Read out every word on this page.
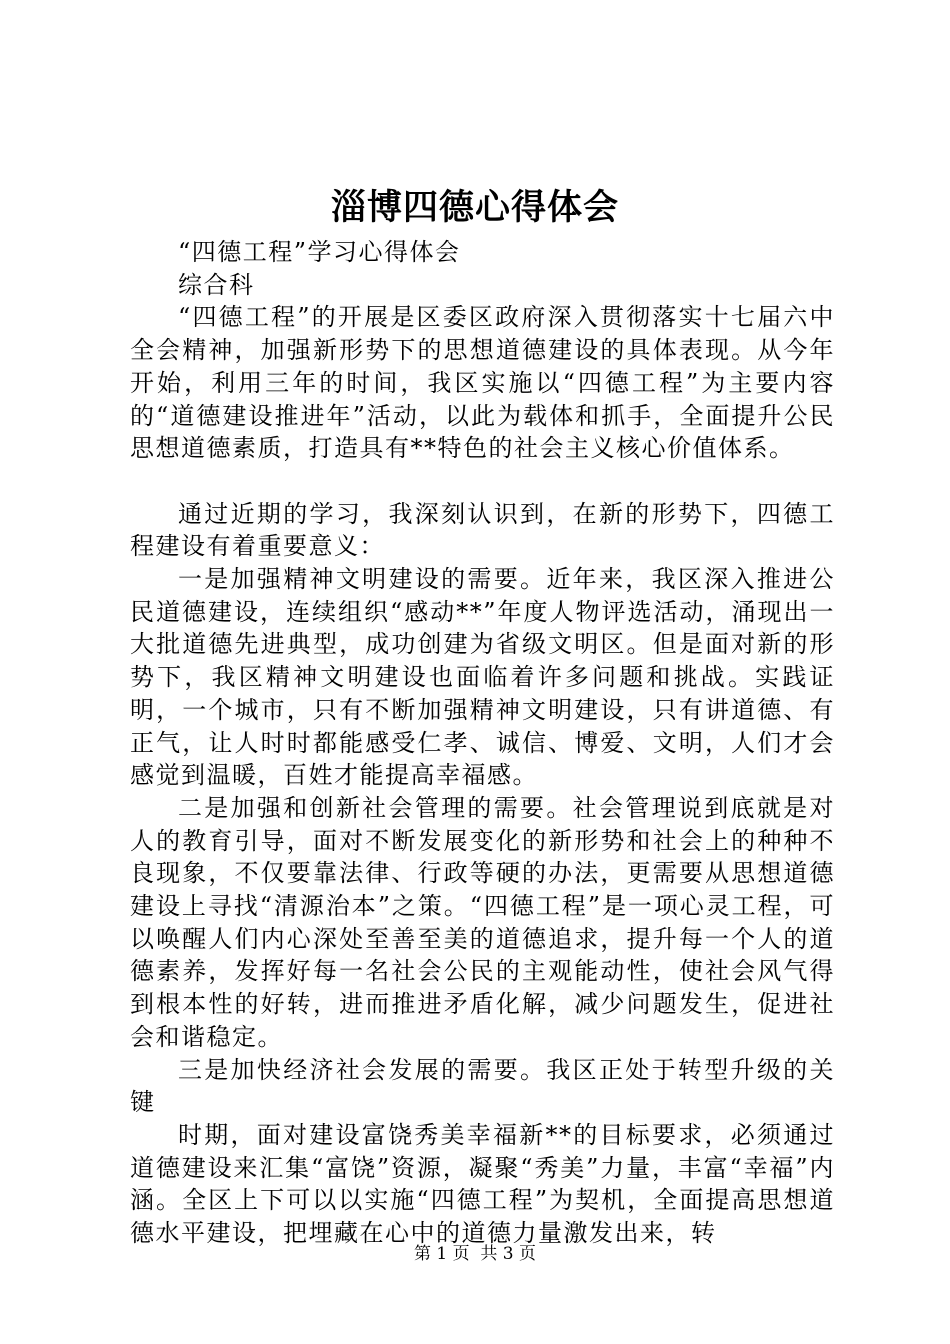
淄博四德心得体会

“四德工程”学习心得体会

综合科

“四德工程”的开展是区委区政府深入贯彻落实十七届六中全会精神，加强新形势下的思想道德建设的具体表现。从今年开始，利用三年的时间，我区实施以“四德工程”为主要内容的“道德建设推进年”活动，以此为载体和抓手，全面提升公民思想道德素质，打造具有**特色的社会主义核心价值体系。

通过近期的学习，我深刻认识到，在新的形势下，四德工程建设有着重要意义：

一是加强精神文明建设的需要。近年来，我区深入推进公民道德建设，连续组织“感动**”年度人物评选活动，涌现出一大批道德先进典型，成功创建为省级文明区。但是面对新的形势下，我区精神文明建设也面临着许多问题和挑战。实践证明，一个城市，只有不断加强精神文明建设，只有讲道德、有正气，让人时时都能感受仁孝、诚信、博爱、文明，人们才会感觉到温暖，百姓才能提高幸福感。

二是加强和创新社会管理的需要。社会管理说到底就是对人的教育引导，面对不断发展变化的新形势和社会上的种种不良现象，不仅要靠法律、行政等硬的办法，更需要从思想道德建设上寻找“清源治本”之策。“四德工程”是一项心灵工程，可以唤醒人们内心深处至善至美的道德追求，提升每一个人的道德素养，发挥好每一名社会公民的主观能动性，使社会风气得到根本性的好转，进而推进矛盾化解，减少问题发生，促进社会和谐稳定。

三是加快经济社会发展的需要。我区正处于转型升级的关键

时期，面对建设富饶秀美幸福新**的目标要求，必须通过道德建设来汇集“富饶”资源，凝聚“秀美”力量，丰富“幸福”内涵。全区上下可以以实施“四德工程”为契机，全面提高思想道德水平建设，把埋藏在心中的道德力量激发出来，转

第 1 页  共 3 页
